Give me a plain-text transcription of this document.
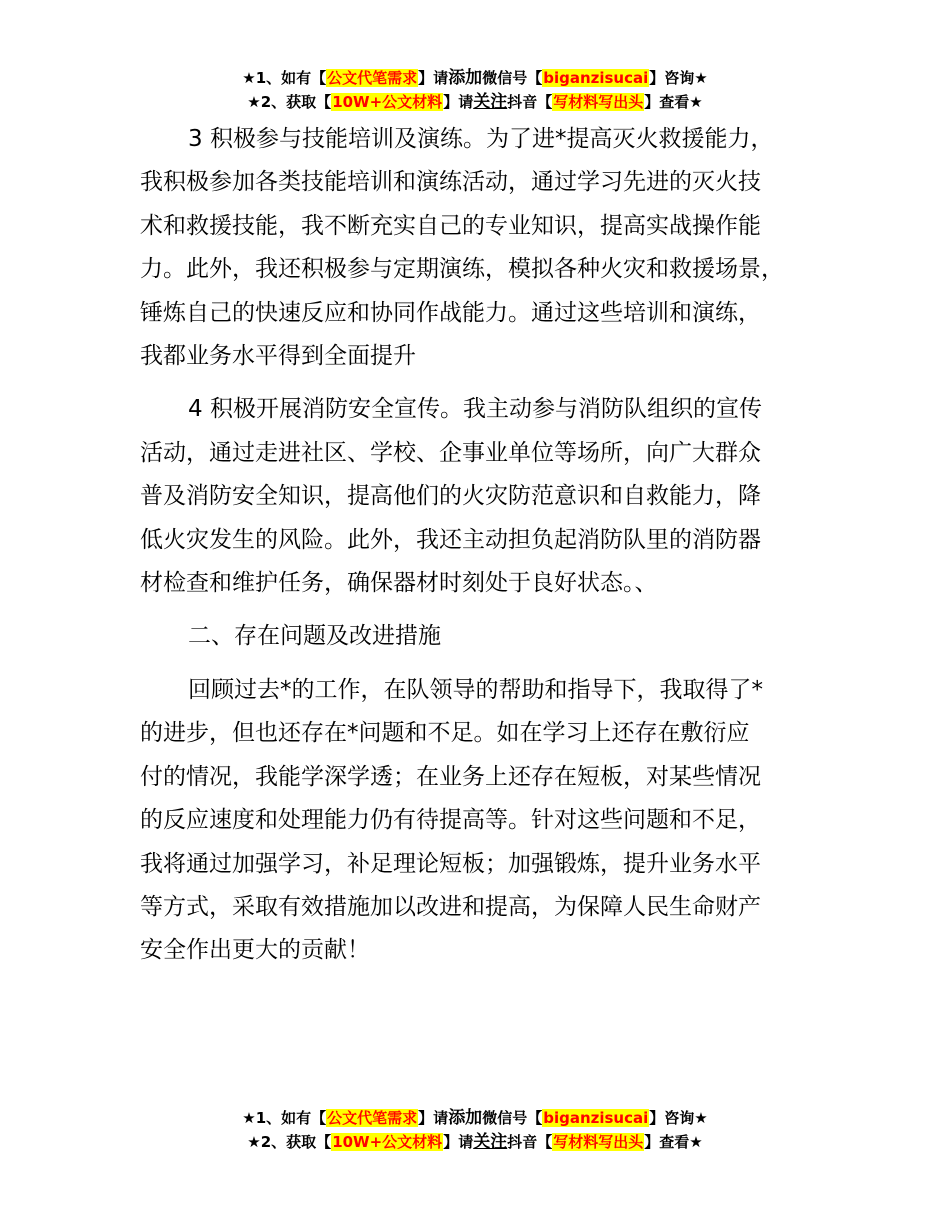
★1、如有【公文代笔需求】请添加微信号【biganzisucai】咨询★
★2、获取【10W+公文材料】请关注抖音【写材料写出头】查看★
3 积极参与技能培训及演练。为了进*提高灭火救援能力，
我积极参加各类技能培训和演练活动，通过学习先进的灭火技
术和救援技能，我不断充实自己的专业知识，提高实战操作能
力。此外，我还积极参与定期演练，模拟各种火灾和救援场景，
锤炼自己的快速反应和协同作战能力。通过这些培训和演练，
我都业务水平得到全面提升
4 积极开展消防安全宣传。我主动参与消防队组织的宣传
活动，通过走进社区、学校、企事业单位等场所，向广大群众
普及消防安全知识，提高他们的火灾防范意识和自救能力，降
低火灾发生的风险。此外，我还主动担负起消防队里的消防器
材检查和维护任务，确保器材时刻处于良好状态。、
二、存在问题及改进措施
回顾过去*的工作，在队领导的帮助和指导下，我取得了*
的进步，但也还存在*问题和不足。如在学习上还存在敷衍应
付的情况，我能学深学透；在业务上还存在短板，对某些情况
的反应速度和处理能力仍有待提高等。针对这些问题和不足，
我将通过加强学习，补足理论短板；加强锻炼，提升业务水平
等方式，采取有效措施加以改进和提高，为保障人民生命财产
安全作出更大的贡献！
★1、如有【公文代笔需求】请添加微信号【biganzisucai】咨询★
★2、获取【10W+公文材料】请关注抖音【写材料写出头】查看★
